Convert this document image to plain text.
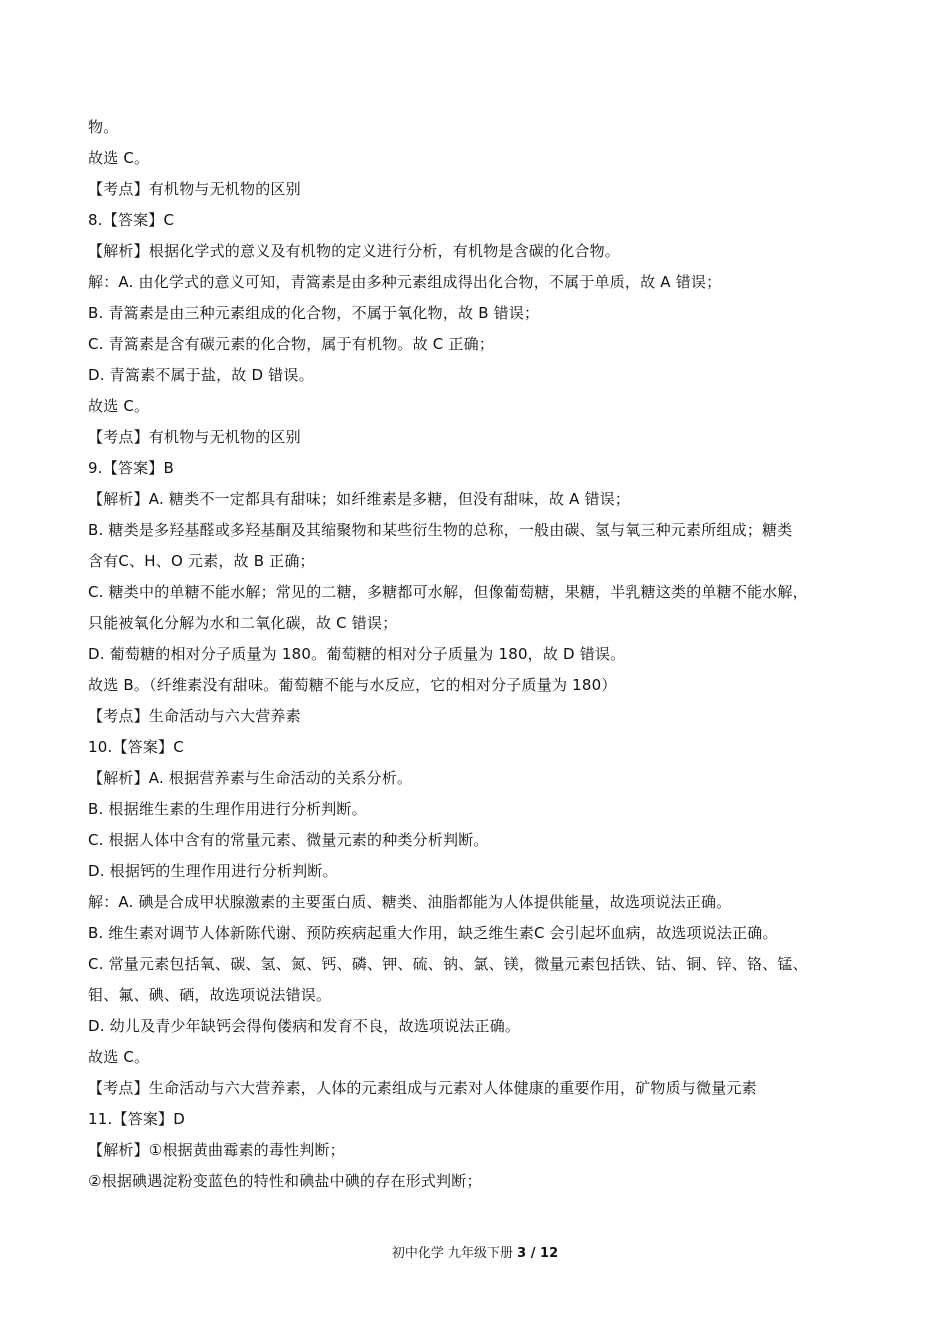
物。
故选 C。
【考点】有机物与无机物的区别
8.【答案】C
【解析】根据化学式的意义及有机物的定义进行分析，有机物是含碳的化合物。
解：A. 由化学式的意义可知，青篙素是由多种元素组成得出化合物，不属于单质，故 A 错误；
B. 青篙素是由三种元素组成的化合物，不属于氧化物，故 B 错误；
C. 青篙素是含有碳元素的化合物，属于有机物。故 C 正确；
D. 青篙素不属于盐，故 D 错误。
故选 C。
【考点】有机物与无机物的区别
9.【答案】B
【解析】A. 糖类不一定都具有甜味；如纤维素是多糖，但没有甜味，故 A 错误；
B. 糖类是多羟基醛或多羟基酮及其缩聚物和某些衍生物的总称，一般由碳、氢与氧三种元素所组成；糖类
含有C、H、O 元素，故 B 正确；
C. 糖类中的单糖不能水解；常见的二糖，多糖都可水解，但像葡萄糖，果糖，半乳糖这类的单糖不能水解，
只能被氧化分解为水和二氧化碳，故 C 错误；
D. 葡萄糖的相对分子质量为 180。葡萄糖的相对分子质量为 180，故 D 错误。
故选 B。（纤维素没有甜味。葡萄糖不能与水反应，它的相对分子质量为 180）
【考点】生命活动与六大营养素
10.【答案】C
【解析】A. 根据营养素与生命活动的关系分析。
B. 根据维生素的生理作用进行分析判断。
C. 根据人体中含有的常量元素、微量元素的种类分析判断。
D. 根据钙的生理作用进行分析判断。
解：A. 碘是合成甲状腺激素的主要蛋白质、糖类、油脂都能为人体提供能量，故选项说法正确。
B. 维生素对调节人体新陈代谢、预防疾病起重大作用，缺乏维生素C 会引起坏血病，故选项说法正确。
C. 常量元素包括氧、碳、氢、氮、钙、磷、钾、硫、钠、氯、镁，微量元素包括铁、钴、铜、锌、铬、锰、
钼、氟、碘、硒，故选项说法错误。
D. 幼儿及青少年缺钙会得佝偻病和发育不良，故选项说法正确。
故选 C。
【考点】生命活动与六大营养素，人体的元素组成与元素对人体健康的重要作用，矿物质与微量元素
11.【答案】D
【解析】①根据黄曲霉素的毒性判断；
②根据碘遇淀粉变蓝色的特性和碘盐中碘的存在形式判断；
初中化学 九年级下册 3 / 12
